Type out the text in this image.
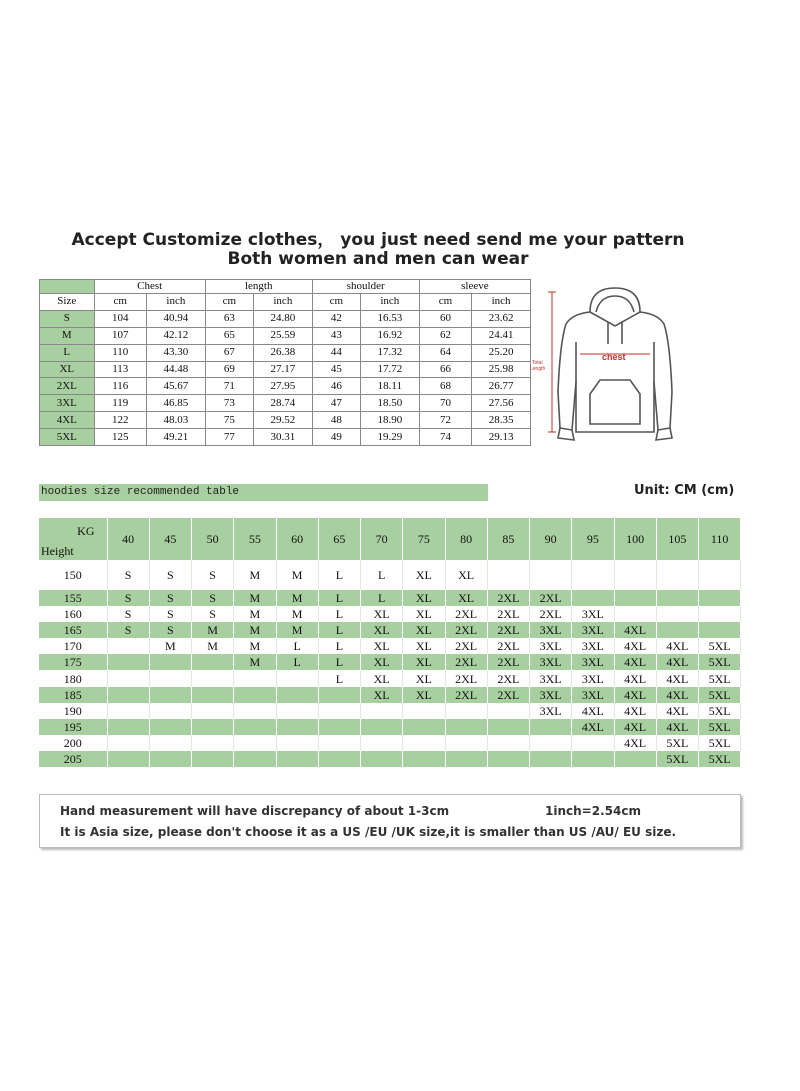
Accept Customize clothes， you just need send me your pattern
Both women and men can wear
	Chest		length		shoulder		sleeve	
Size	cm	inch	cm	inch	cm	inch	cm	inch
S	104	40.94	63	24.80	42	16.53	60	23.62
M	107	42.12	65	25.59	43	16.92	62	24.41
L	110	43.30	67	26.38	44	17.32	64	25.20
XL	113	44.48	69	27.17	45	17.72	66	25.98
2XL	116	45.67	71	27.95	46	18.11	68	26.77
3XL	119	46.85	73	28.74	47	18.50	70	27.56
4XL	122	48.03	75	29.52	48	18.90	72	28.35
5XL	125	49.21	77	30.31	49	19.29	74	29.13
chest
Total
Length
hoodies size recommended table	Unit: CM (cm)
KG
Height	40	45	50	55	60	65	70	75	80	85	90	95	100	105	110
150	S	S	S	M	M	L	L	XL	XL						
155	S	S	S	M	M	L	L	XL	XL	2XL	2XL				
160	S	S	S	M	M	L	XL	XL	2XL	2XL	2XL	3XL			
165	S	S	M	M	M	L	XL	XL	2XL	2XL	3XL	3XL	4XL		
170		M	M	M	L	L	XL	XL	2XL	2XL	3XL	3XL	4XL	4XL	5XL
175				M	L	L	XL	XL	2XL	2XL	3XL	3XL	4XL	4XL	5XL
180						L	XL	XL	2XL	2XL	3XL	3XL	4XL	4XL	5XL
185							XL	XL	2XL	2XL	3XL	3XL	4XL	4XL	5XL
190											3XL	4XL	4XL	4XL	5XL
195												4XL	4XL	4XL	5XL
200													4XL	5XL	5XL
205														5XL	5XL
Hand measurement will have discrepancy of about 1-3cm	1inch=2.54cm
It is Asia size, please don't choose it as a US /EU /UK size,it is smaller than US /AU/ EU size.
